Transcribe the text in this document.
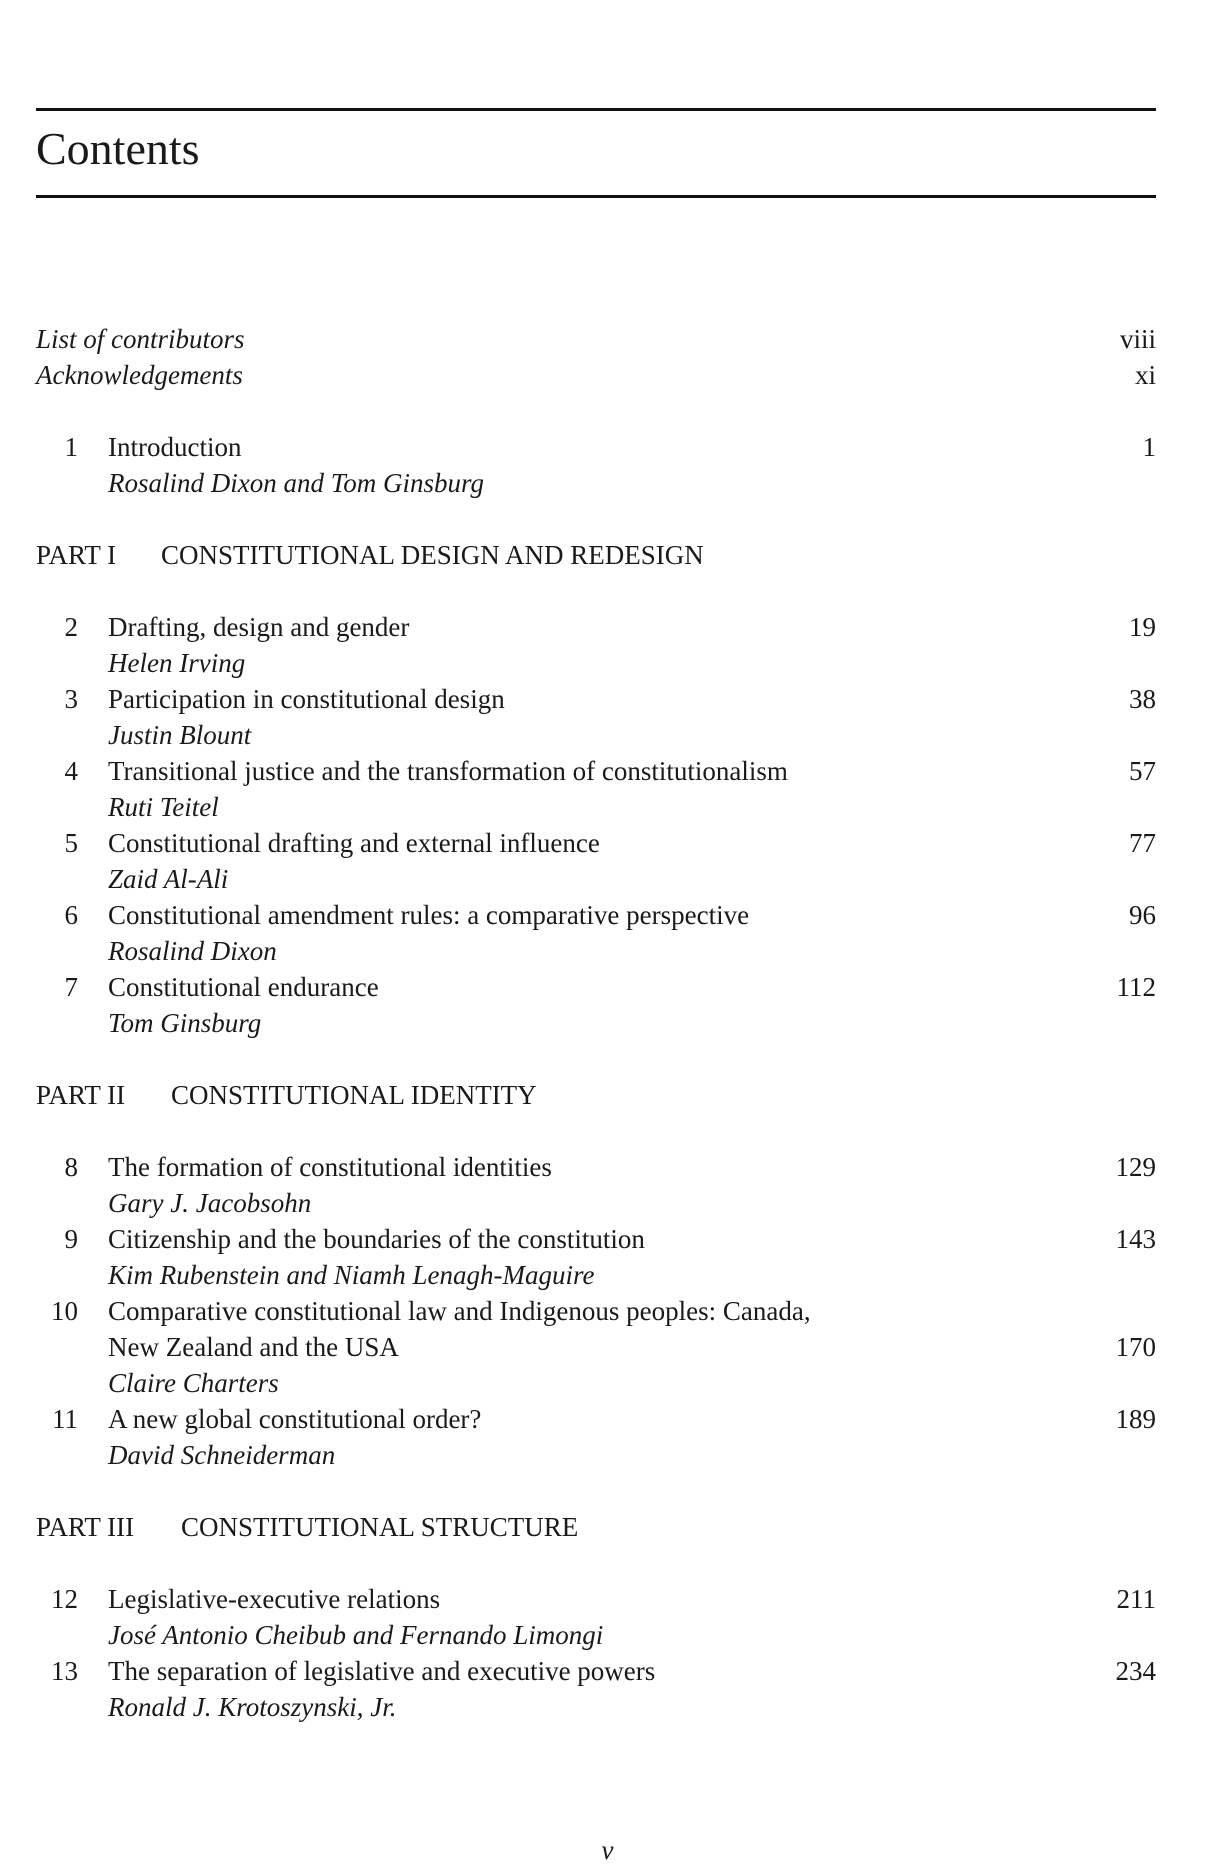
Contents
List of contributors	viii
Acknowledgements	xi
1 Introduction	1
Rosalind Dixon and Tom Ginsburg
PART I CONSTITUTIONAL DESIGN AND REDESIGN
2 Drafting, design and gender	19
Helen Irving
3 Participation in constitutional design	38
Justin Blount
4 Transitional justice and the transformation of constitutionalism	57
Ruti Teitel
5 Constitutional drafting and external influence	77
Zaid Al-Ali
6 Constitutional amendment rules: a comparative perspective	96
Rosalind Dixon
7 Constitutional endurance	112
Tom Ginsburg
PART II CONSTITUTIONAL IDENTITY
8 The formation of constitutional identities	129
Gary J. Jacobsohn
9 Citizenship and the boundaries of the constitution	143
Kim Rubenstein and Niamh Lenagh-Maguire
10 Comparative constitutional law and Indigenous peoples: Canada,
New Zealand and the USA	170
Claire Charters
11 A new global constitutional order?	189
David Schneiderman
PART III CONSTITUTIONAL STRUCTURE
12 Legislative-executive relations	211
José Antonio Cheibub and Fernando Limongi
13 The separation of legislative and executive powers	234
Ronald J. Krotoszynski, Jr.
v
